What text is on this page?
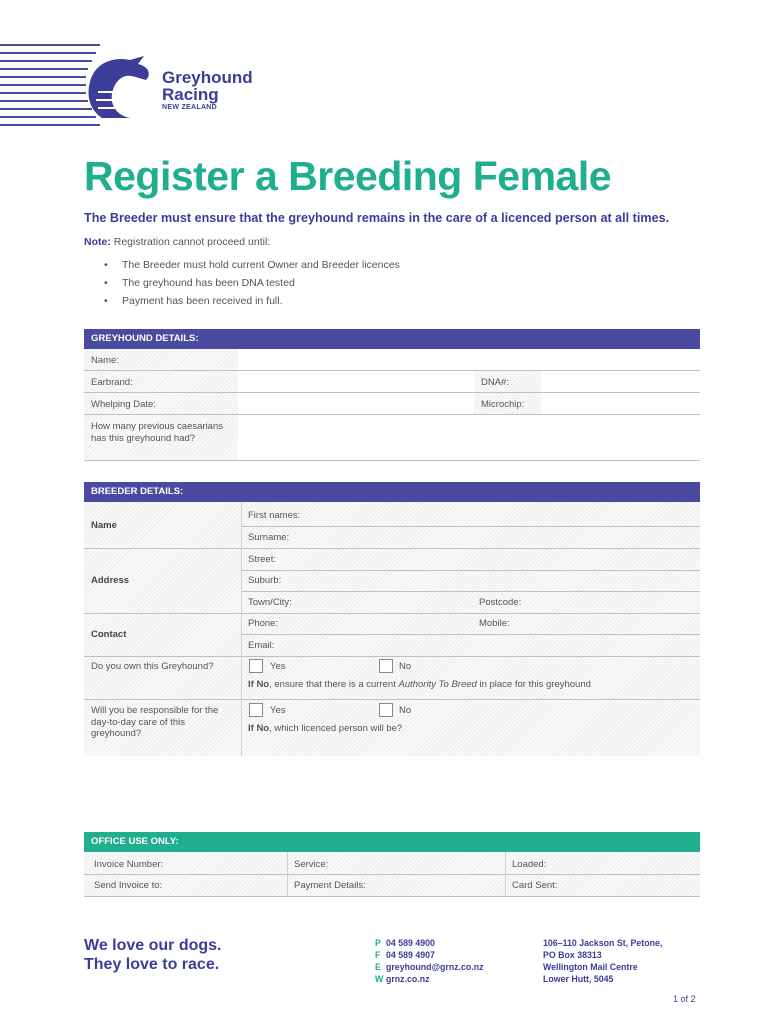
Greyhound
Racing
NEW ZEALAND
Register a Breeding Female
The Breeder must ensure that the greyhound remains in the care of a licenced person at all times.
Note: Registration cannot proceed until:
• The Breeder must hold current Owner and Breeder licences
• The greyhound has been DNA tested
• Payment has been received in full.
GREYHOUND DETAILS:
Name:
Earbrand:	DNA#:
Whelping Date:	Microchip:
How many previous caesarians has this greyhound had?
BREEDER DETAILS:
Name
First names:
Surname:
Address
Street:
Suburb:
Town/City:	Postcode:
Contact
Phone:	Mobile:
Email:
Do you own this Greyhound?	Yes	No
If No, ensure that there is a current Authority To Breed in place for this greyhound
Will you be responsible for the day-to-day care of this greyhound?
Yes	No
If No, which licenced person will be?
OFFICE USE ONLY:
Invoice Number:	Service:	Loaded:
Send Invoice to:	Payment Details:	Card Sent:
We love our dogs.
They love to race.
P 04 589 4900
F 04 589 4907
E greyhound@grnz.co.nz
W grnz.co.nz
106–110 Jackson St, Petone,
PO Box 38313
Wellington Mail Centre
Lower Hutt, 5045
1 of 2
